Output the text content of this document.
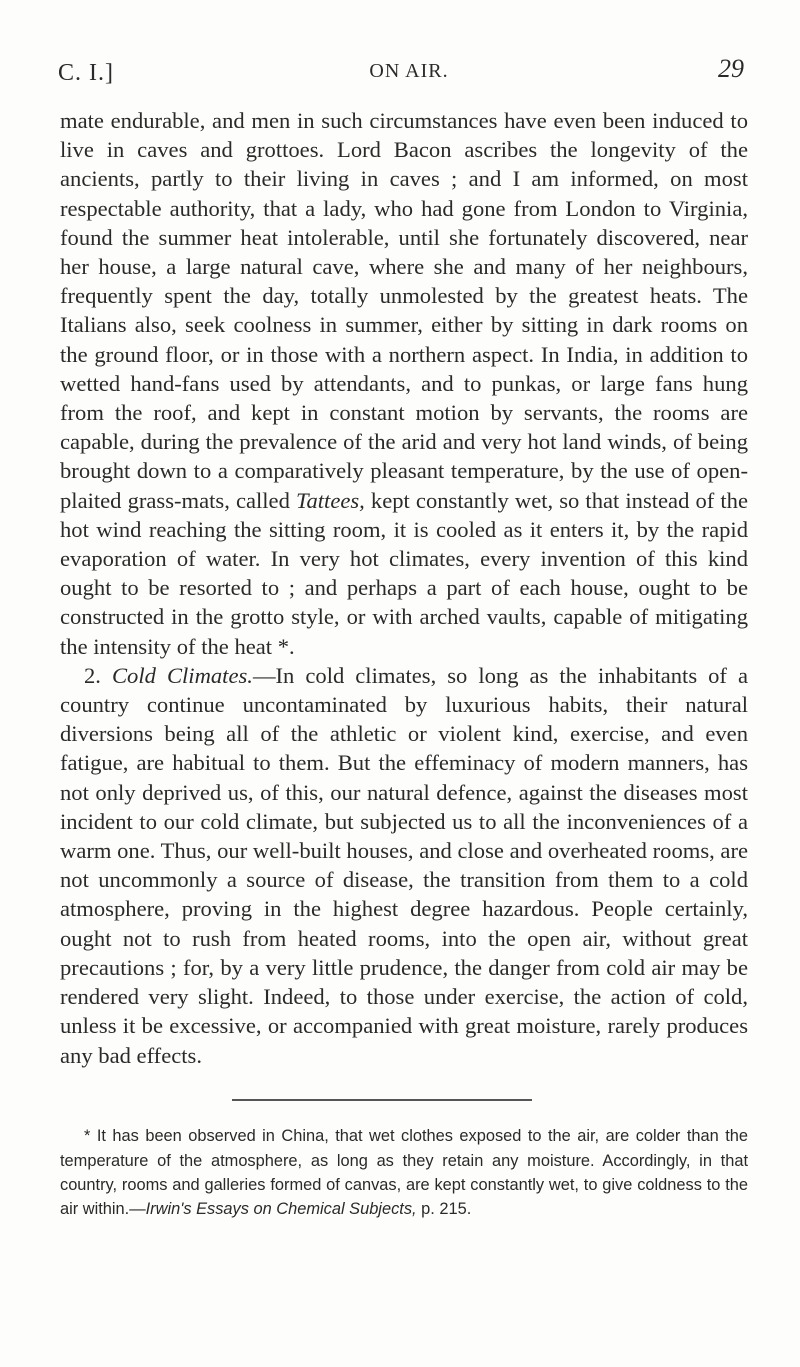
C. I.]	ON AIR.	29

mate endurable, and men in such circumstances have even been induced to live in caves and grottoes. Lord Bacon ascribes the longevity of the ancients, partly to their living in caves ; and I am informed, on most respectable authority, that a lady, who had gone from London to Virginia, found the summer heat intolerable, until she fortunately discovered, near her house, a large natural cave, where she and many of her neighbours, frequently spent the day, totally unmolested by the greatest heats. The Italians also, seek coolness in summer, either by sitting in dark rooms on the ground floor, or in those with a northern aspect. In India, in addition to wetted hand-fans used by attendants, and to punkas, or large fans hung from the roof, and kept in constant motion by servants, the rooms are capable, during the prevalence of the arid and very hot land winds, of being brought down to a comparatively pleasant temperature, by the use of open-plaited grass-mats, called Tattees, kept constantly wet, so that instead of the hot wind reaching the sitting room, it is cooled as it enters it, by the rapid evaporation of water. In very hot climates, every invention of this kind ought to be resorted to ; and perhaps a part of each house, ought to be constructed in the grotto style, or with arched vaults, capable of mitigating the intensity of the heat *.

2. Cold Climates.—In cold climates, so long as the inhabitants of a country continue uncontaminated by luxurious habits, their natural diversions being all of the athletic or violent kind, exercise, and even fatigue, are habitual to them. But the effeminacy of modern manners, has not only deprived us, of this, our natural defence, against the diseases most incident to our cold climate, but subjected us to all the inconveniences of a warm one. Thus, our well-built houses, and close and overheated rooms, are not uncommonly a source of disease, the transition from them to a cold atmosphere, proving in the highest degree hazardous. People certainly, ought not to rush from heated rooms, into the open air, without great precautions ; for, by a very little prudence, the danger from cold air may be rendered very slight. Indeed, to those under exercise, the action of cold, unless it be excessive, or accompanied with great moisture, rarely produces any bad effects.

* It has been observed in China, that wet clothes exposed to the air, are colder than the temperature of the atmosphere, as long as they retain any moisture. Accordingly, in that country, rooms and galleries formed of canvas, are kept constantly wet, to give coldness to the air within.—Irwin's Essays on Chemical Subjects, p. 215.
